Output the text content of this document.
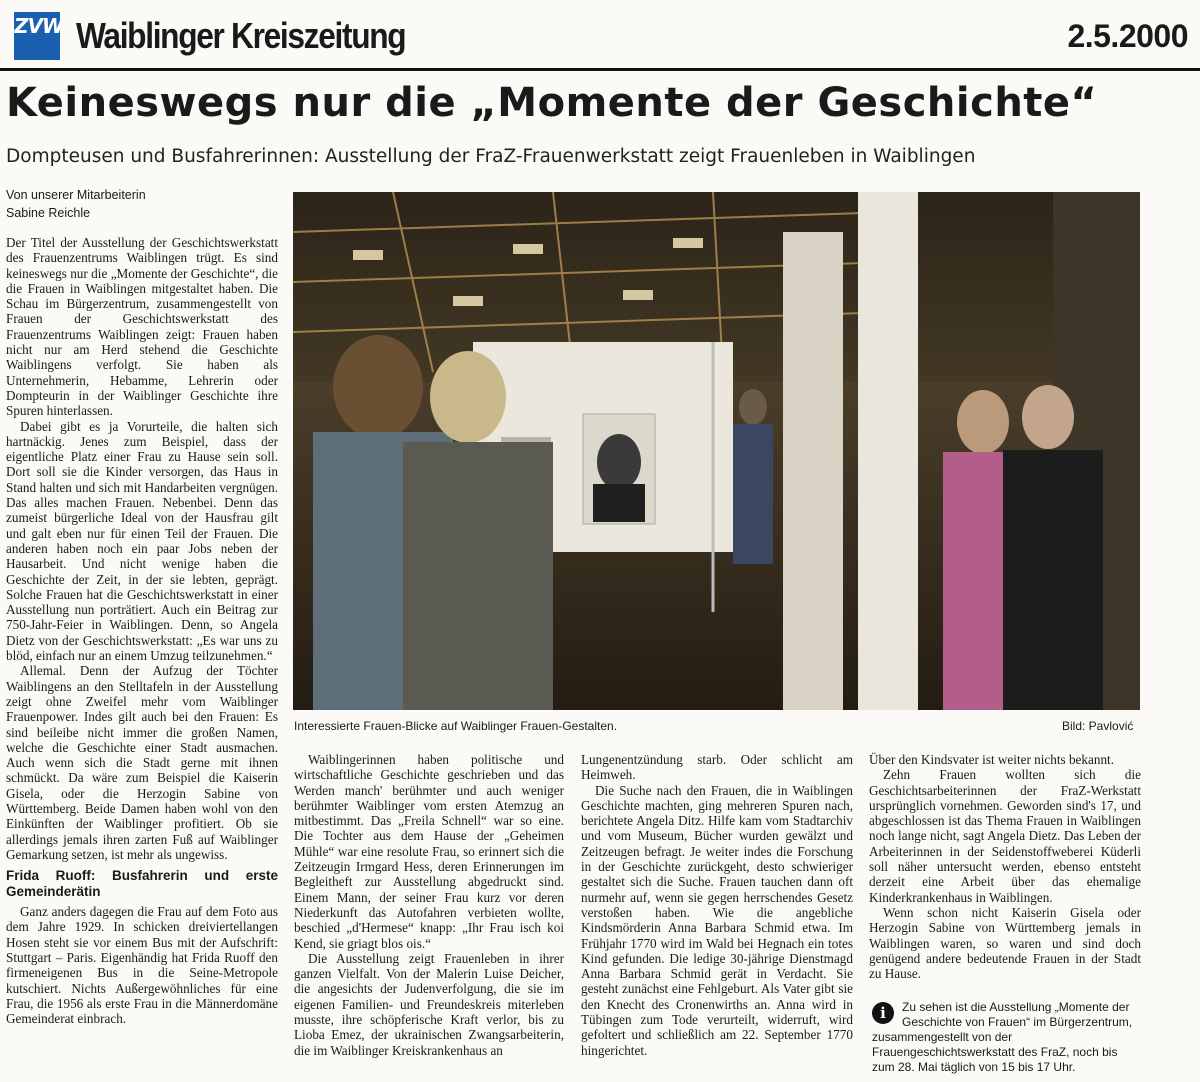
ZVW Waiblinger Kreiszeitung	2.5.2000
Keineswegs nur die „Momente der Geschichte“
Dompteusen und Busfahrerinnen: Ausstellung der FraZ-Frauenwerkstatt zeigt Frauenleben in Waiblingen
Von unserer Mitarbeiterin
Sabine Reichle

Der Titel der Ausstellung der Geschichtswerkstatt des Frauenzentrums Waiblingen trügt. Es sind keineswegs nur die „Momente der Geschichte“, die die Frauen in Waiblingen mitgestaltet haben. Die Schau im Bürgerzentrum, zusammengestellt von Frauen der Geschichtswerkstatt des Frauenzentrums Waiblingen zeigt: Frauen haben nicht nur am Herd stehend die Geschichte Waiblingens verfolgt. Sie haben als Unternehmerin, Hebamme, Lehrerin oder Dompteurin in der Waiblinger Geschichte ihre Spuren hinterlassen.

Dabei gibt es ja Vorurteile, die halten sich hartnäckig. Jenes zum Beispiel, dass der eigentliche Platz einer Frau zu Hause sein soll. Dort soll sie die Kinder versorgen, das Haus in Stand halten und sich mit Handarbeiten vergnügen. Das alles machen Frauen. Nebenbei. Denn das zumeist bürgerliche Ideal von der Hausfrau gilt und galt eben nur für einen Teil der Frauen. Die anderen haben noch ein paar Jobs neben der Hausarbeit. Und nicht wenige haben die Geschichte der Zeit, in der sie lebten, geprägt. Solche Frauen hat die Geschichtswerkstatt in einer Ausstellung nun porträtiert. Auch ein Beitrag zur 750-Jahr-Feier in Waiblingen. Denn, so Angela Dietz von der Geschichtswerkstatt: „Es war uns zu blöd, einfach nur an einem Umzug teilzunehmen.“

Allemal. Denn der Aufzug der Töchter Waiblingens an den Stelltafeln in der Ausstellung zeigt ohne Zweifel mehr vom Waiblinger Frauenpower. Indes gilt auch bei den Frauen: Es sind beileibe nicht immer die großen Namen, welche die Geschichte einer Stadt ausmachen. Auch wenn sich die Stadt gerne mit ihnen schmückt. Da wäre zum Beispiel die Kaiserin Gisela, oder die Herzogin Sabine von Württemberg. Beide Damen haben wohl von den Einkünften der Waiblinger profitiert. Ob sie allerdings jemals ihren zarten Fuß auf Waiblinger Gemarkung setzen, ist mehr als ungewiss.

Frida Ruoff: Busfahrerin und erste Gemeinderätin

Ganz anders dagegen die Frau auf dem Foto aus dem Jahre 1929. In schicken dreiviertellangen Hosen steht sie vor einem Bus mit der Aufschrift: Stuttgart – Paris. Eigenhändig hat Frida Ruoff den firmeneigenen Bus in die Seine-Metropole kutschiert. Nichts Außergewöhnliches für eine Frau, die 1956 als erste Frau in die Männerdomäne Gemeinderat einbrach.

Interessierte Frauen-Blicke auf Waiblinger Frauen-Gestalten.	Bild: Pavlović

Waiblingerinnen haben politische und wirtschaftliche Geschichte geschrieben und das Werden manch' berühmter und auch weniger berühmter Waiblinger vom ersten Atemzug an mitbestimmt. Das „Freila Schnell“ war so eine. Die Tochter aus dem Hause der „Geheimen Mühle“ war eine resolute Frau, so erinnert sich die Zeitzeugin Irmgard Hess, deren Erinnerungen im Begleitheft zur Ausstellung abgedruckt sind. Einem Mann, der seiner Frau kurz vor deren Niederkunft das Autofahren verbieten wollte, beschied „d'Hermese“ knapp: „Ihr Frau isch koi Kend, sie griagt blos ois.“

Die Ausstellung zeigt Frauenleben in ihrer ganzen Vielfalt. Von der Malerin Luise Deicher, die angesichts der Judenverfolgung, die sie im eigenen Familien- und Freundeskreis miterleben musste, ihre schöpferische Kraft verlor, bis zu Lioba Emez, der ukrainischen Zwangsarbeiterin, die im Waiblinger Kreiskrankenhaus an

Lungenentzündung starb. Oder schlicht am Heimweh.

Die Suche nach den Frauen, die in Waiblingen Geschichte machten, ging mehreren Spuren nach, berichtete Angela Ditz. Hilfe kam vom Stadtarchiv und vom Museum, Bücher wurden gewälzt und Zeitzeugen befragt. Je weiter indes die Forschung in der Geschichte zurückgeht, desto schwieriger gestaltet sich die Suche. Frauen tauchen dann oft nurmehr auf, wenn sie gegen herrschendes Gesetz verstoßen haben. Wie die angebliche Kindsmörderin Anna Barbara Schmid etwa. Im Frühjahr 1770 wird im Wald bei Hegnach ein totes Kind gefunden. Die ledige 30-jährige Dienstmagd Anna Barbara Schmid gerät in Verdacht. Sie gesteht zunächst eine Fehlgeburt. Als Vater gibt sie den Knecht des Cronenwirths an. Anna wird in Tübingen zum Tode verurteilt, widerruft, wird gefoltert und schließlich am 22. September 1770 hingerichtet.

Über den Kindsvater ist weiter nichts bekannt.

Zehn Frauen wollten sich die Geschichtsarbeiterinnen der FraZ-Werkstatt ursprünglich vornehmen. Geworden sind's 17, und abgeschlossen ist das Thema Frauen in Waiblingen noch lange nicht, sagt Angela Dietz. Das Leben der Arbeiterinnen in der Seidenstoffweberei Küderli soll näher untersucht werden, ebenso entsteht derzeit eine Arbeit über das ehemalige Kinderkrankenhaus in Waiblingen.

Wenn schon nicht Kaiserin Gisela oder Herzogin Sabine von Württemberg jemals in Waiblingen waren, so waren und sind doch genügend andere bedeutende Frauen in der Stadt zu Hause.

i	Zu sehen ist die Ausstellung „Momente der Geschichte von Frauen“ im Bürgerzentrum, zusammengestellt von der Frauengeschichtswerkstatt des FraZ, noch bis zum 28. Mai täglich von 15 bis 17 Uhr.
